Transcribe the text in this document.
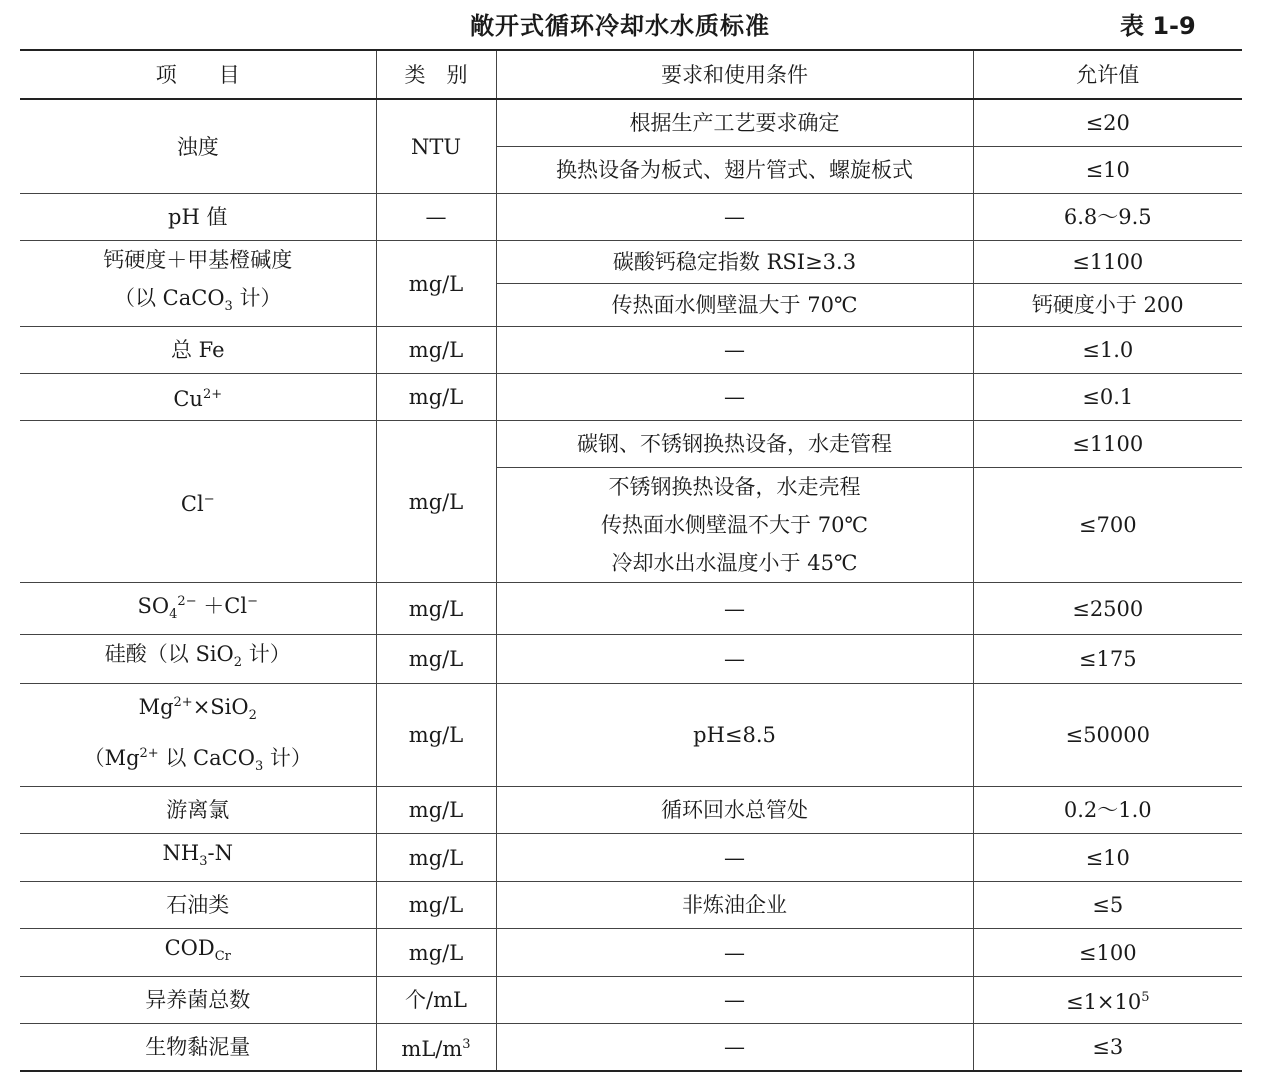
敞开式循环冷却水水质标准	表 1-9
项　　目	类　别	要求和使用条件	允许值
浊度	NTU	根据生产工艺要求确定	≤20
		换热设备为板式、翅片管式、螺旋板式	≤10
pH 值	—	—	6.8～9.5

钙硬度＋甲基橙碱度
（以 CaCO$_3$ 计）	mg/L	碳酸钙稳定指数 RSI≥3.3	≤1100
		传热面水侧壁温大于 70℃	钙硬度小于 200
总 Fe	mg/L	—	≤1.0
$Cu^{2+}$	mg/L	—	≤0.1
Cl−	mg/L	碳钢、不锈钢换热设备，水走管程	≤1100

		不锈钢换热设备，水走壳程
传热面水侧壁温不大于 70℃
冷却水出水温度小于 45℃	≤700
$SO_4^{2-} +Cl^-$	mg/L	—	≤2500
硅酸（以 SiO$_2$ 计）	mg/L	—	≤175

$Mg^{2+}\times SiO_2$
（$Mg^{2+}$ 以 CaCO$_3$ 计）	mg/L	pH≤8.5	≤50000
游离氯	mg/L	循环回水总管处	0.2～1.0
$NH_3-N$	mg/L	—	≤10
石油类	mg/L	非炼油企业	≤5
$COD_{Cr}$	mg/L	—	≤100
异养菌总数	个/mL	—	$\le 1\times 10^5$
生物黏泥量	$mL/m^3$	—	≤3
